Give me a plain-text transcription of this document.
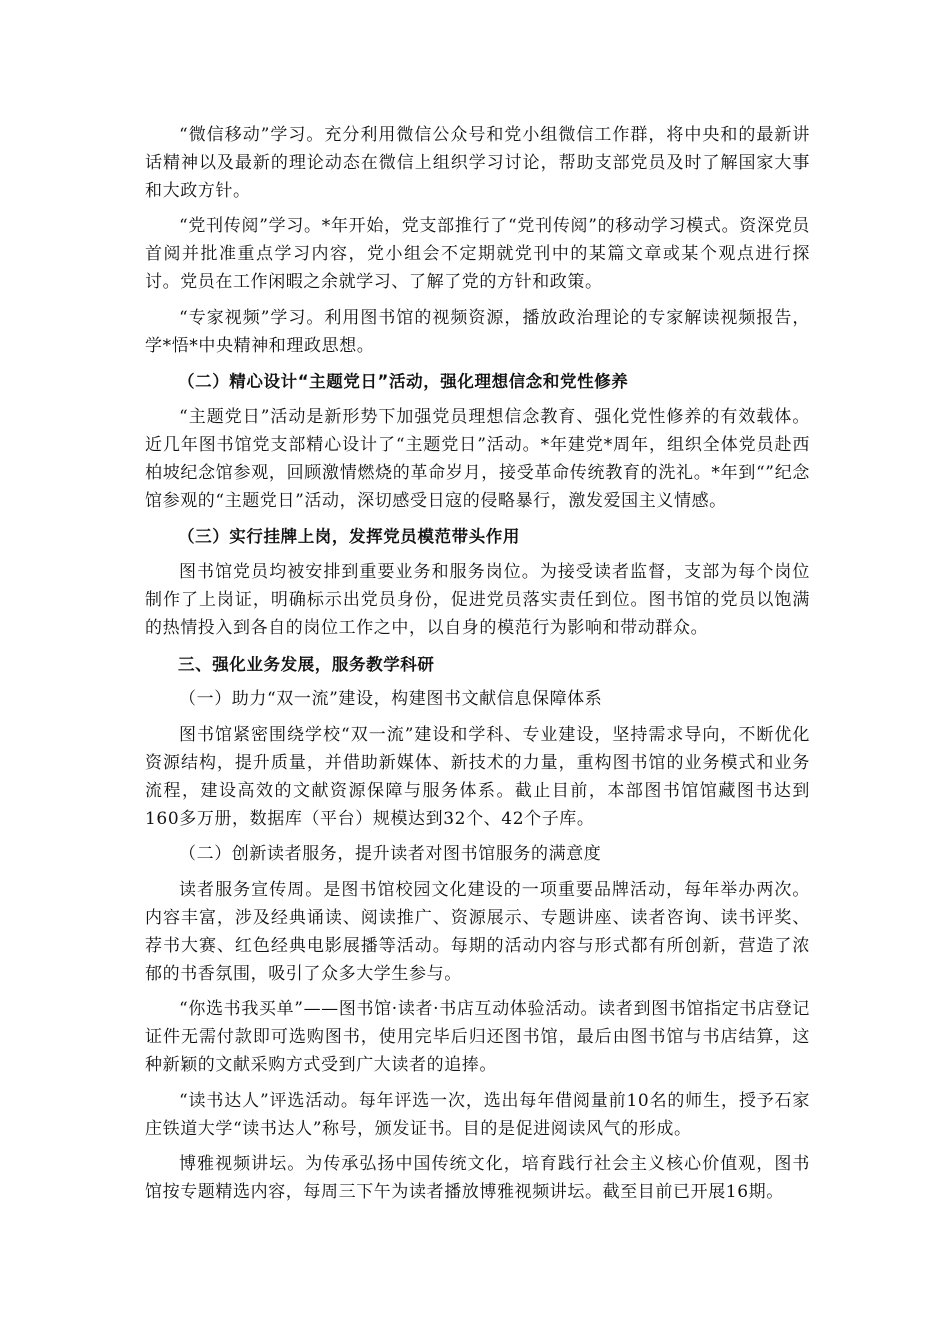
“微信移动”学习。充分利用微信公众号和党小组微信工作群，将中央和的最新讲话精神以及最新的理论动态在微信上组织学习讨论，帮助支部党员及时了解国家大事和大政方针。

“党刊传阅”学习。*年开始，党支部推行了“党刊传阅”的移动学习模式。资深党员首阅并批准重点学习内容，党小组会不定期就党刊中的某篇文章或某个观点进行探讨。党员在工作闲暇之余就学习、了解了党的方针和政策。

“专家视频”学习。利用图书馆的视频资源，播放政治理论的专家解读视频报告，学*悟*中央精神和理政思想。

（二）精心设计“主题党日”活动，强化理想信念和党性修养

“主题党日”活动是新形势下加强党员理想信念教育、强化党性修养的有效载体。近几年图书馆党支部精心设计了“主题党日”活动。*年建党*周年，组织全体党员赴西柏坡纪念馆参观，回顾激情燃烧的革命岁月，接受革命传统教育的洗礼。*年到“”纪念馆参观的“主题党日”活动，深切感受日寇的侵略暴行，激发爱国主义情感。

（三）实行挂牌上岗，发挥党员模范带头作用

图书馆党员均被安排到重要业务和服务岗位。为接受读者监督，支部为每个岗位制作了上岗证，明确标示出党员身份，促进党员落实责任到位。图书馆的党员以饱满的热情投入到各自的岗位工作之中，以自身的模范行为影响和带动群众。

三、强化业务发展，服务教学科研

（一）助力“双一流”建设，构建图书文献信息保障体系

图书馆紧密围绕学校“双一流”建设和学科、专业建设，坚持需求导向，不断优化资源结构，提升质量，并借助新媒体、新技术的力量，重构图书馆的业务模式和业务流程，建设高效的文献资源保障与服务体系。截止目前，本部图书馆馆藏图书达到160多万册，数据库（平台）规模达到32个、42个子库。

（二）创新读者服务，提升读者对图书馆服务的满意度

读者服务宣传周。是图书馆校园文化建设的一项重要品牌活动，每年举办两次。内容丰富，涉及经典诵读、阅读推广、资源展示、专题讲座、读者咨询、读书评奖、荐书大赛、红色经典电影展播等活动。每期的活动内容与形式都有所创新，营造了浓郁的书香氛围，吸引了众多大学生参与。

“你选书我买单”——图书馆·读者·书店互动体验活动。读者到图书馆指定书店登记证件无需付款即可选购图书，使用完毕后归还图书馆，最后由图书馆与书店结算，这种新颖的文献采购方式受到广大读者的追捧。

“读书达人”评选活动。每年评选一次，选出每年借阅量前10名的师生，授予石家庄铁道大学“读书达人”称号，颁发证书。目的是促进阅读风气的形成。

博雅视频讲坛。为传承弘扬中国传统文化，培育践行社会主义核心价值观，图书馆按专题精选内容，每周三下午为读者播放博雅视频讲坛。截至目前已开展16期。
